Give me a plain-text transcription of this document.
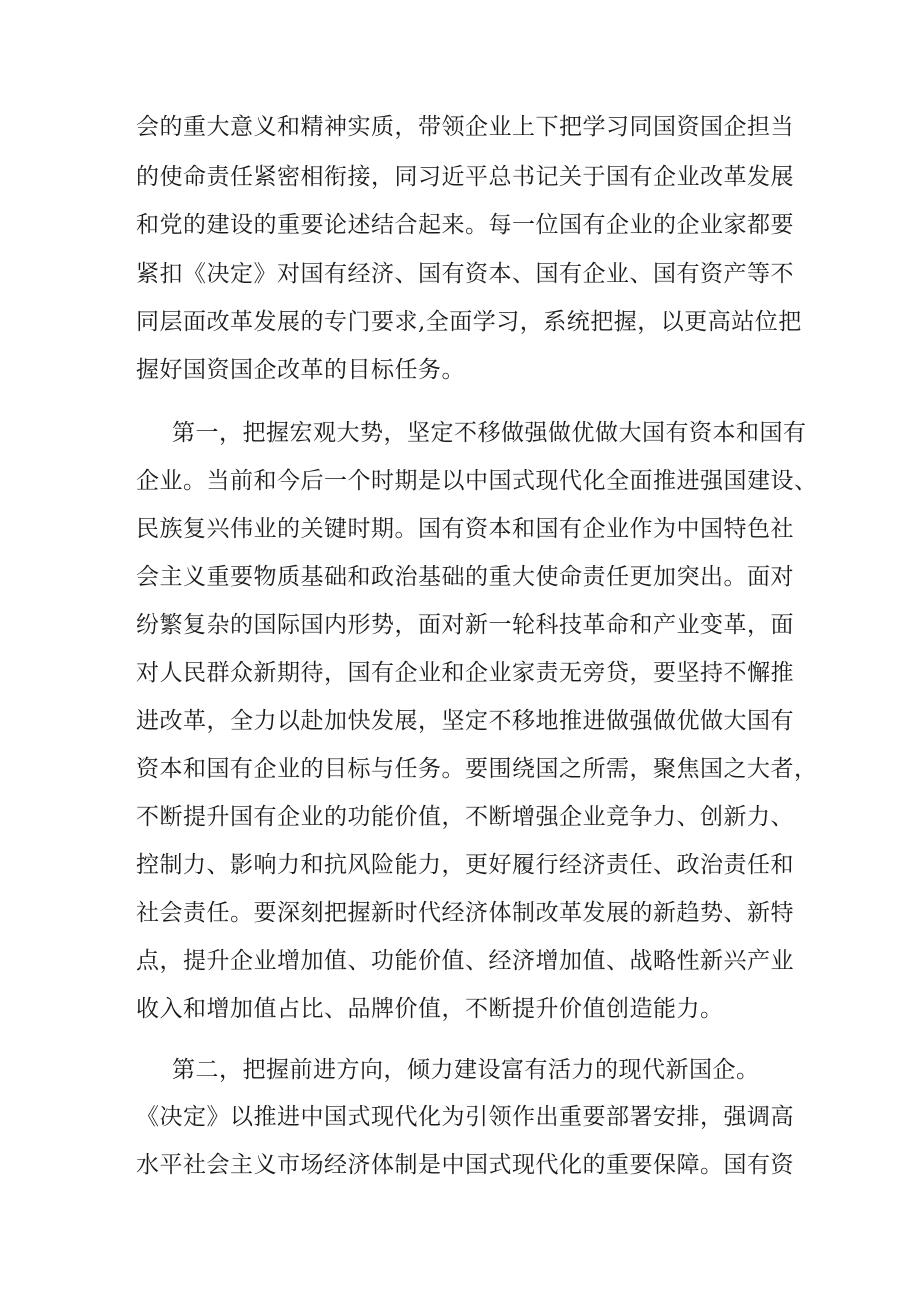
会的重大意义和精神实质，带领企业上下把学习同国资国企担当
的使命责任紧密相衔接，同习近平总书记关于国有企业改革发展
和党的建设的重要论述结合起来。每一位国有企业的企业家都要
紧扣《决定》对国有经济、国有资本、国有企业、国有资产等不
同层面改革发展的专门要求,全面学习，系统把握，以更高站位把
握好国资国企改革的目标任务。
第一，把握宏观大势，坚定不移做强做优做大国有资本和国有
企业。当前和今后一个时期是以中国式现代化全面推进强国建设、
民族复兴伟业的关键时期。国有资本和国有企业作为中国特色社
会主义重要物质基础和政治基础的重大使命责任更加突出。面对
纷繁复杂的国际国内形势，面对新一轮科技革命和产业变革，面
对人民群众新期待，国有企业和企业家责无旁贷，要坚持不懈推
进改革，全力以赴加快发展，坚定不移地推进做强做优做大国有
资本和国有企业的目标与任务。要围绕国之所需，聚焦国之大者，
不断提升国有企业的功能价值，不断增强企业竞争力、创新力、
控制力、影响力和抗风险能力，更好履行经济责任、政治责任和
社会责任。要深刻把握新时代经济体制改革发展的新趋势、新特
点，提升企业增加值、功能价值、经济增加值、战略性新兴产业
收入和增加值占比、品牌价值，不断提升价值创造能力。
第二，把握前进方向，倾力建设富有活力的现代新国企。
《决定》以推进中国式现代化为引领作出重要部署安排，强调高
水平社会主义市场经济体制是中国式现代化的重要保障。国有资
